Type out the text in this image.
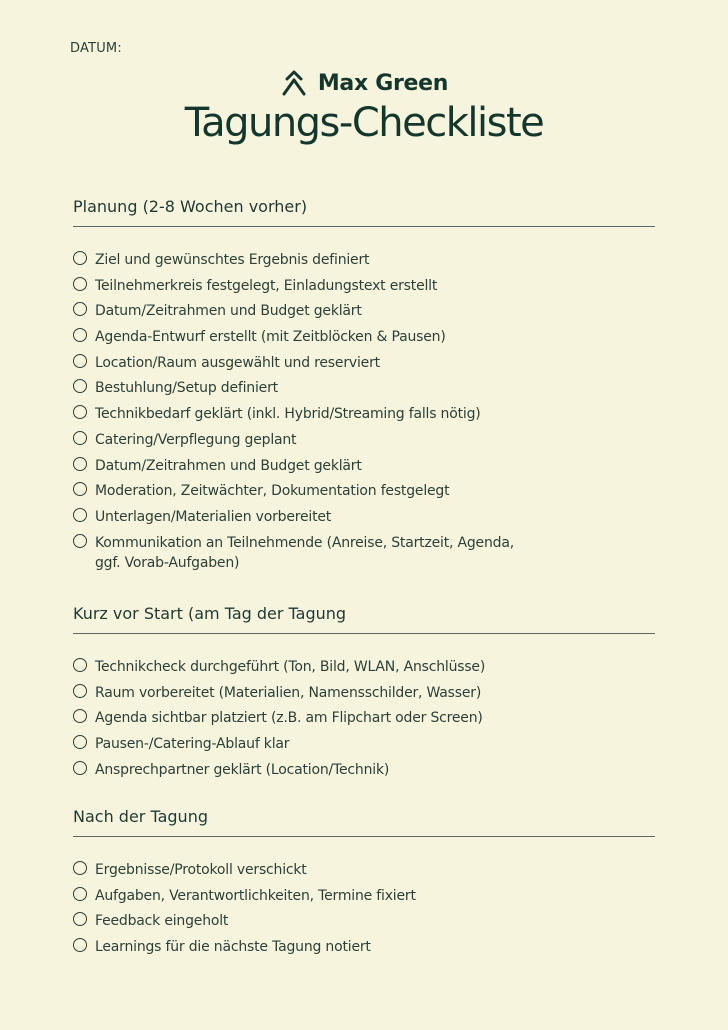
DATUM:
Max Green
Tagungs-Checkliste
Planung (2-8 Wochen vorher)
Ziel und gewünschtes Ergebnis definiert
Teilnehmerkreis festgelegt, Einladungstext erstellt
Datum/Zeitrahmen und Budget geklärt
Agenda-Entwurf erstellt (mit Zeitblöcken & Pausen)
Location/Raum ausgewählt und reserviert
Bestuhlung/Setup definiert
Technikbedarf geklärt (inkl. Hybrid/Streaming falls nötig)
Catering/Verpflegung geplant
Datum/Zeitrahmen und Budget geklärt
Moderation, Zeitwächter, Dokumentation festgelegt
Unterlagen/Materialien vorbereitet
Kommunikation an Teilnehmende (Anreise, Startzeit, Agenda, ggf. Vorab-Aufgaben)
Kurz vor Start (am Tag der Tagung
Technikcheck durchgeführt (Ton, Bild, WLAN, Anschlüsse)
Raum vorbereitet (Materialien, Namensschilder, Wasser)
Agenda sichtbar platziert (z.B. am Flipchart oder Screen)
Pausen-/Catering-Ablauf klar
Ansprechpartner geklärt (Location/Technik)
Nach der Tagung
Ergebnisse/Protokoll verschickt
Aufgaben, Verantwortlichkeiten, Termine fixiert
Feedback eingeholt
Learnings für die nächste Tagung notiert
